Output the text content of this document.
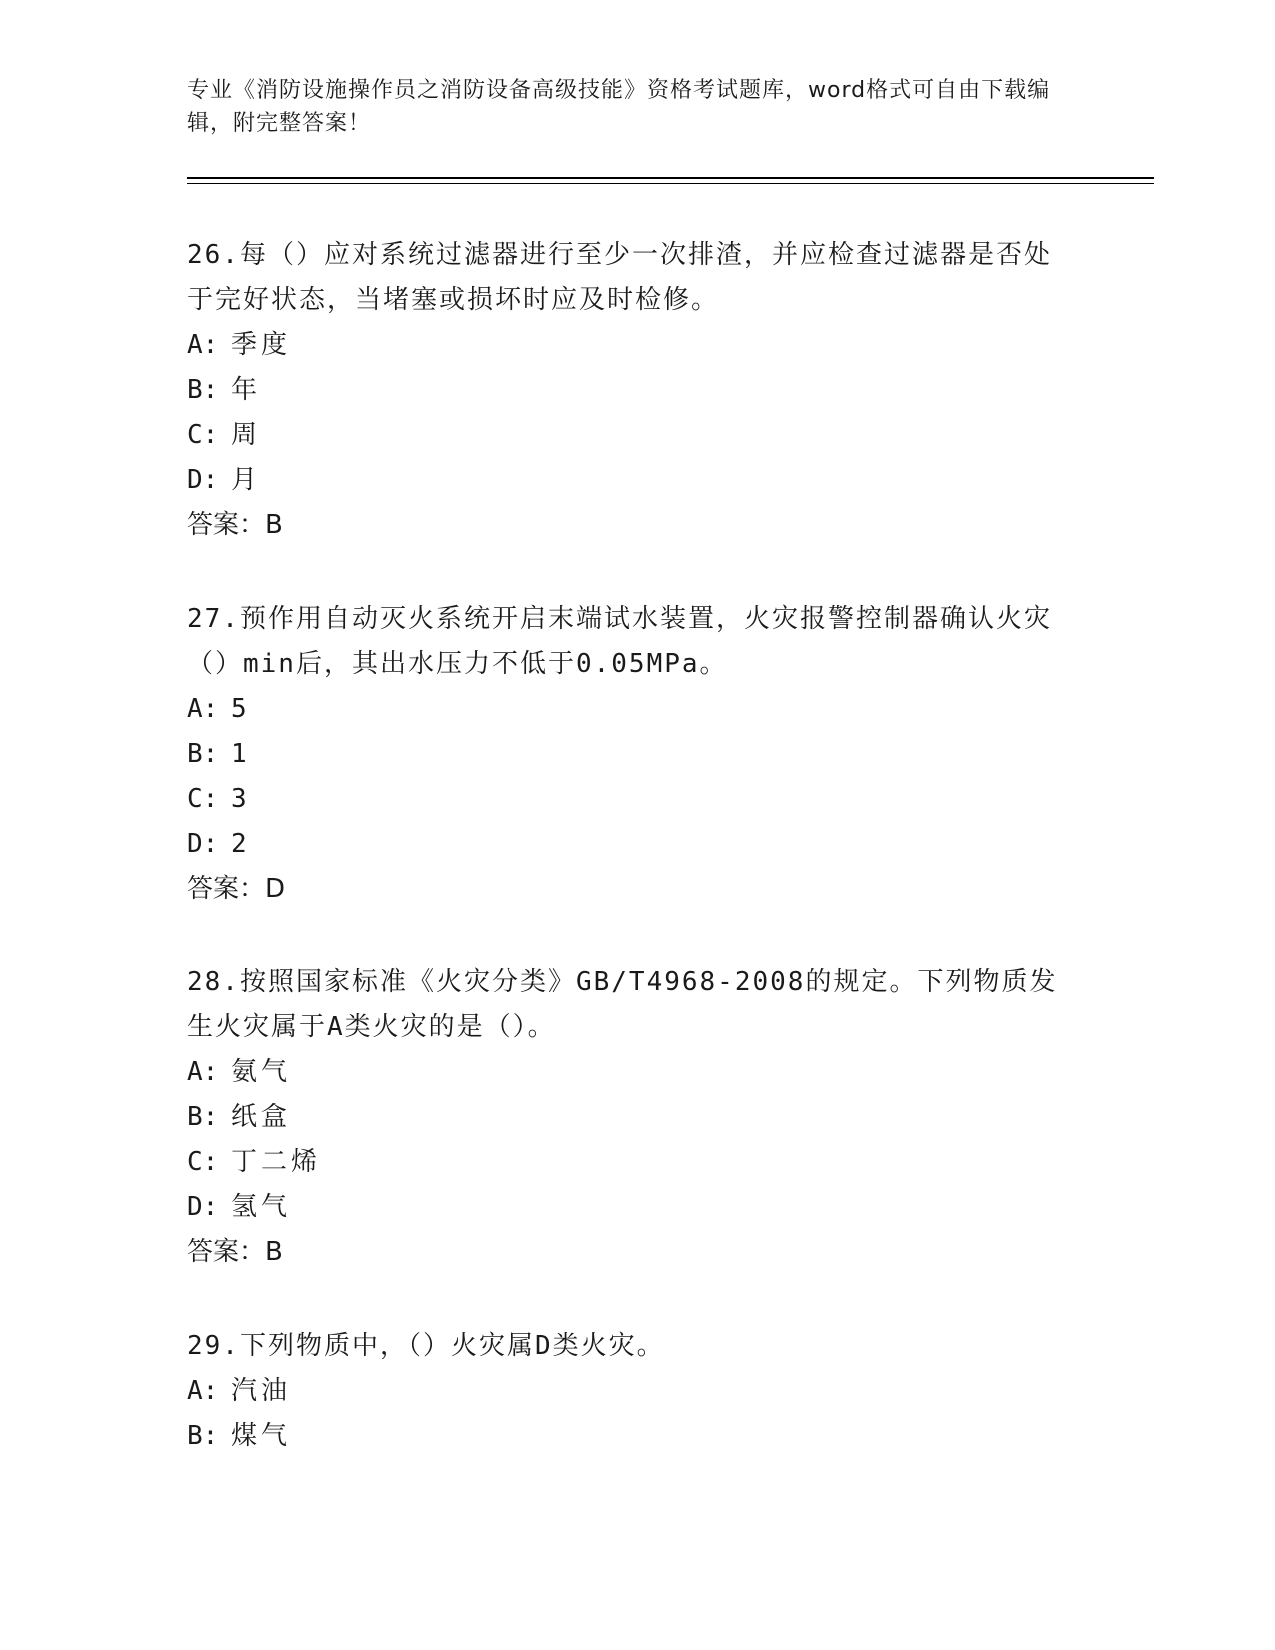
专业《消防设施操作员之消防设备高级技能》资格考试题库，word格式可自由下载编辑，附完整答案！
26.每（）应对系统过滤器进行至少一次排渣，并应检查过滤器是否处于完好状态，当堵塞或损坏时应及时检修。
A: 季度
B: 年
C: 周
D: 月
答案：B
27.预作用自动灭火系统开启末端试水装置，火灾报警控制器确认火灾（）min后，其出水压力不低于0.05MPa。
A: 5
B: 1
C: 3
D: 2
答案：D
28.按照国家标准《火灾分类》GB/T4968-2008的规定。下列物质发生火灾属于A类火灾的是（）。
A: 氨气
B: 纸盒
C: 丁二烯
D: 氢气
答案：B
29.下列物质中，（）火灾属D类火灾。
A: 汽油
B: 煤气
